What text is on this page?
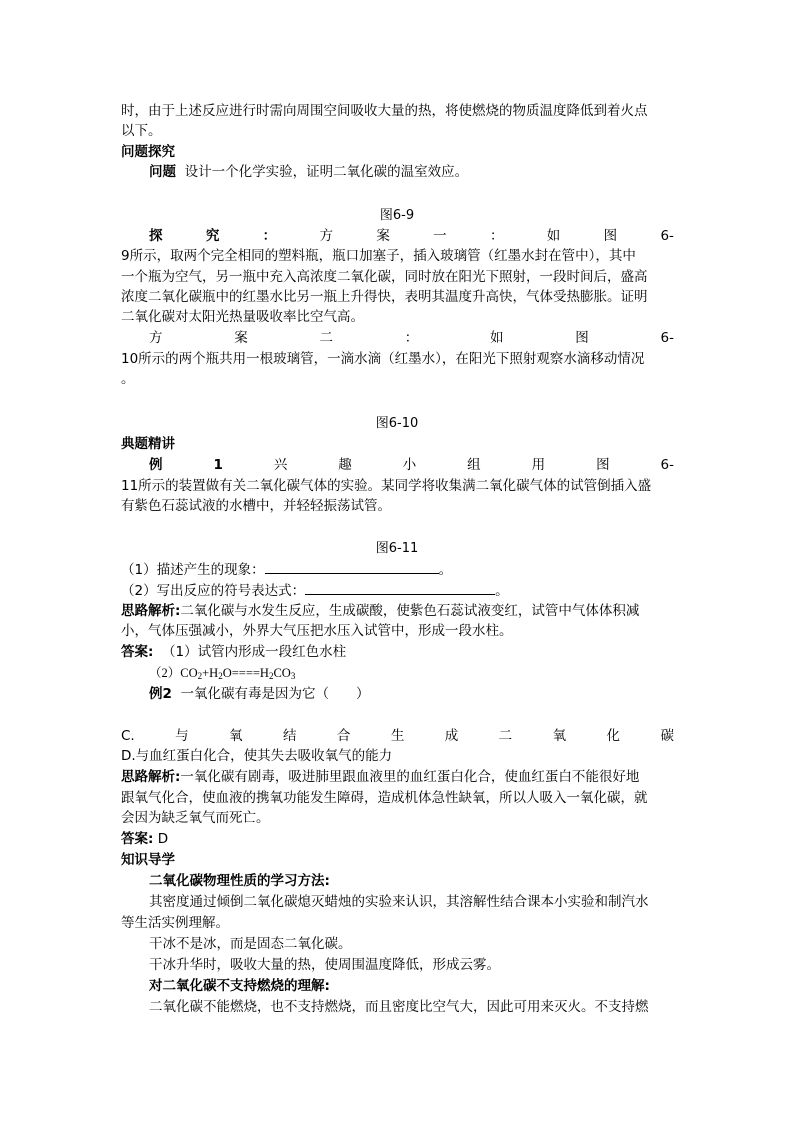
时，由于上述反应进行时需向周围空间吸收大量的热，将使燃烧的物质温度降低到着火点
以下。
问题探究
问题 设计一个化学实验，证明二氧化碳的温室效应。
图6-9
探	究	：	方	案	一	：	如	图	6-
9所示，取两个完全相同的塑料瓶，瓶口加塞子，插入玻璃管（红墨水封在管中），其中
一个瓶为空气，另一瓶中充入高浓度二氧化碳，同时放在阳光下照射，一段时间后，盛高
浓度二氧化碳瓶中的红墨水比另一瓶上升得快，表明其温度升高快，气体受热膨胀。证明
二氧化碳对太阳光热量吸收率比空气高。
方	案	二	：	如	图	6-
10所示的两个瓶共用一根玻璃管，一滴水滴（红墨水），在阳光下照射观察水滴移动情况
。
图6-10
典题精讲
例	1	兴	趣	小	组	用	图	6-
11所示的装置做有关二氧化碳气体的实验。某同学将收集满二氧化碳气体的试管倒插入盛
有紫色石蕊试液的水槽中，并轻轻振荡试管。
图6-11
（1）描述产生的现象：	。
（2）写出反应的符号表达式：	。
思路解析:二氧化碳与水发生反应，生成碳酸，使紫色石蕊试液变红，试管中气体体积减
小，气体压强减小，外界大气压把水压入试管中，形成一段水柱。
答案: （1）试管内形成一段红色水柱
$(2)CO_2+H_2O====H_2CO_3$
例2 一氧化碳有毒是因为它（　　）
C.	与	氧	结	合	生	成	二	氧	化	碳
D.与血红蛋白化合，使其失去吸收氧气的能力
思路解析:一氧化碳有剧毒，吸进肺里跟血液里的血红蛋白化合，使血红蛋白不能很好地
跟氧气化合，使血液的携氧功能发生障碍，造成机体急性缺氧，所以人吸入一氧化碳，就
会因为缺乏氧气而死亡。
答案: D
知识导学
二氧化碳物理性质的学习方法:
其密度通过倾倒二氧化碳熄灭蜡烛的实验来认识，其溶解性结合课本小实验和制汽水
等生活实例理解。
干冰不是冰，而是固态二氧化碳。
干冰升华时，吸收大量的热，使周围温度降低，形成云雾。
对二氧化碳不支持燃烧的理解:
二氧化碳不能燃烧，也不支持燃烧，而且密度比空气大，因此可用来灭火。不支持燃
